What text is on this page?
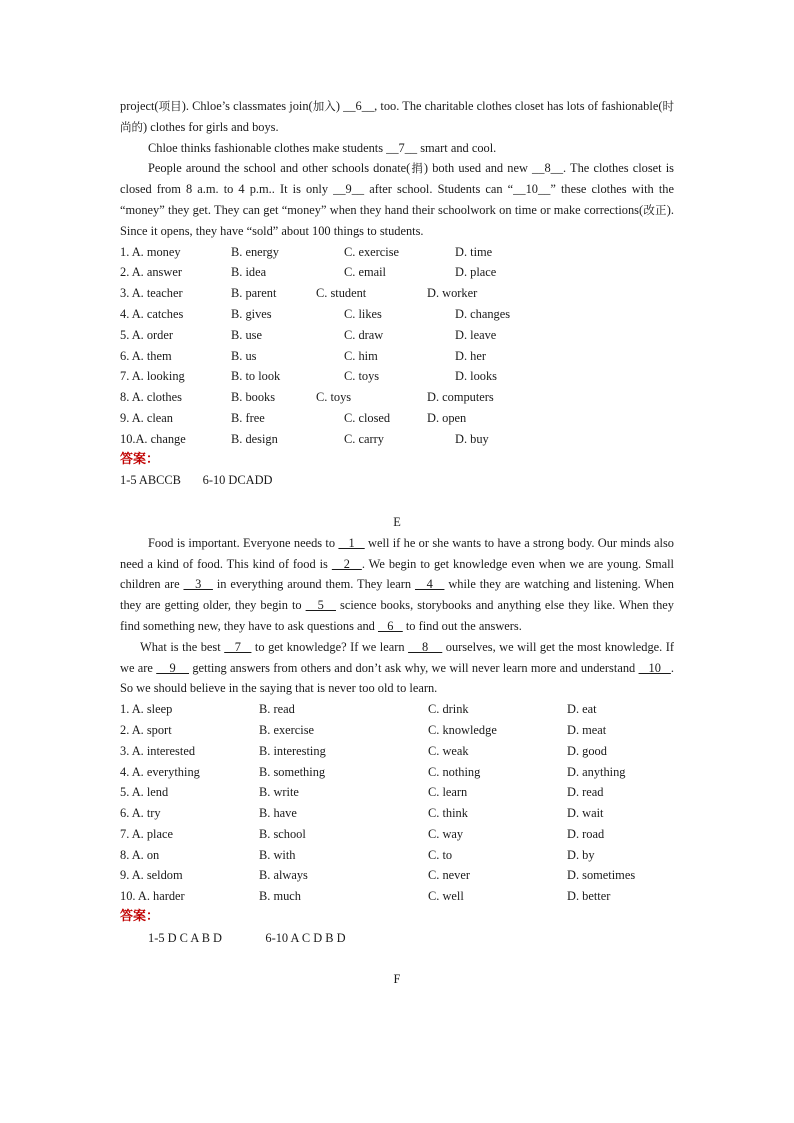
project(项目). Chloe’s classmates join(加入) __6__, too. The charitable clothes closet has lots of fashionable(时尚的) clothes for girls and boys.

Chloe thinks fashionable clothes make students __7__ smart and cool.

People around the school and other schools donate(捐) both used and new __8__. The clothes closet is closed from 8 a.m. to 4 p.m.. It is only __9__ after school. Students can “__10__” these clothes with the “money” they get. They can get “money” when they hand their schoolwork on time or make corrections(改正). Since it opens, they have “sold” about 100 things to students.

1. A. money	B. energy	C. exercise	D. time
2. A. answer	B. idea	C. email	D. place
3. A. teacher	B. parent	C. student	D. worker
4. A. catches	B. gives	C. likes	D. changes
5. A. order	B. use	C. draw	D. leave
6. A. them	B. us	C. him	D. her
7. A. looking	B. to look	C. toys	D. looks
8. A. clothes	B. books	C. toys	D. computers
9. A. clean	B. free	C. closed	D. open
10.A. change	B. design	C. carry	D. buy
答案：
1-5 ABCCB       6-10 DCADD
E

Food is important. Everyone needs to    1    well if he or she wants to have a strong body. Our minds also need a kind of food. This kind of food is    2   . We begin to get knowledge even when we are young. Small children are    3    in everything around them. They learn    4    while they are watching and listening. When they are getting older, they begin to    5    science books, storybooks and anything else they like. When they find something new, they have to ask questions and    6    to find out the answers.

What is the best    7    to get knowledge? If we learn     8     ourselves, we will get the most knowledge. If we are     9     getting answers from others and don’t ask why, we will never learn more and understand    10   . So we should believe in the saying that is never too old to learn.

1. A. sleep	B. read	C. drink	D. eat
2. A. sport	B. exercise	C. knowledge	D. meat
3. A. interested	B. interesting	C. weak	D. good
4. A. everything	B. something	C. nothing	D. anything
5. A. lend	B. write	C. learn	D. read
6. A. try	B. have	C. think	D. wait
7. A. place	B. school	C. way	D. road
8. A. on	B. with	C. to	D. by
9. A. seldom	B. always	C. never	D. sometimes
10. A. harder	B. much	C. well	D. better
答案：
1-5 D C A B D              6-10 A C D B D
F
